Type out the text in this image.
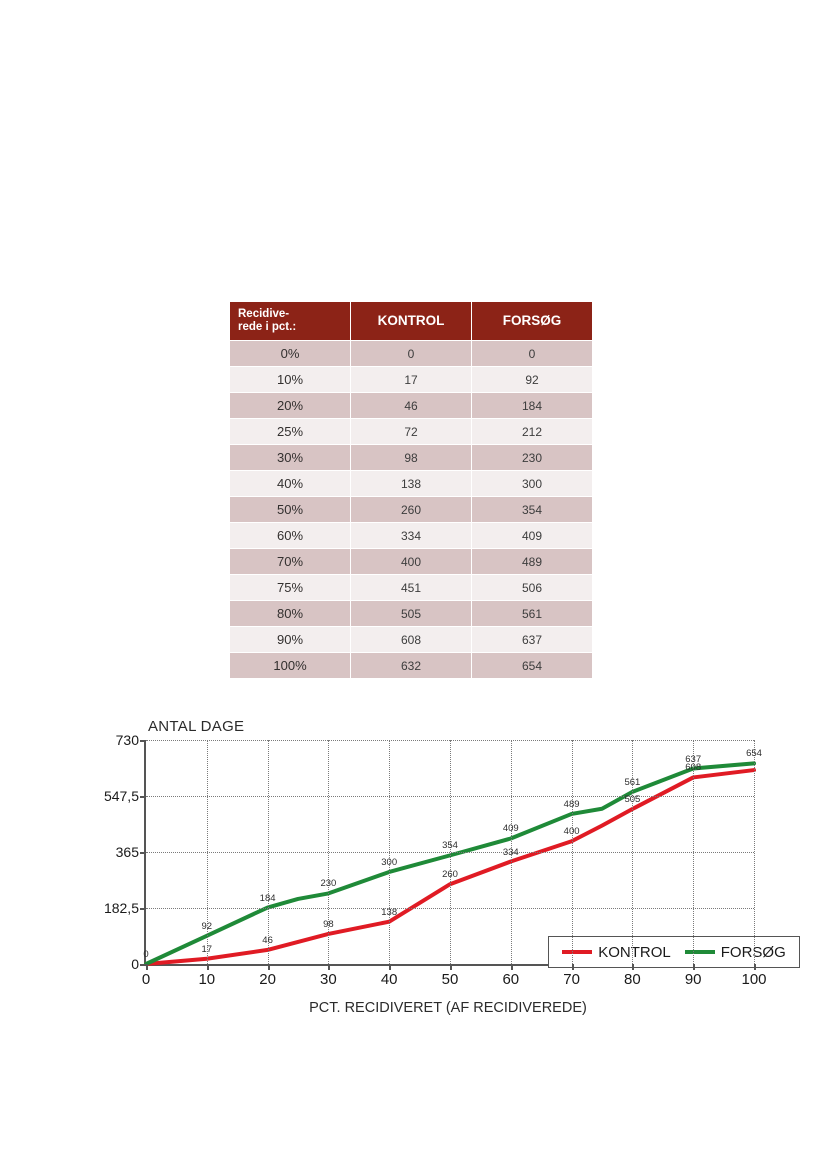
Recidive-
rede i pct.:	KONTROL	FORSØG
0%	0	0
10%	17	92
20%	46	184
25%	72	212
30%	98	230
40%	138	300
50%	260	354
60%	334	409
70%	400	489
75%	451	506
80%	505	561
90%	608	637
100%	632	654
ANTAL DAGE
KONTROL	FORSØG
0
182,5
365
547,5
730
0	10	20	30	40	50	60	70	80	90	100
0	17
46
98
138
260
334
400
505
608
92
184
230
300
354
409
489
561
637	654
PCT. RECIDIVERET (AF RECIDIVEREDE)
